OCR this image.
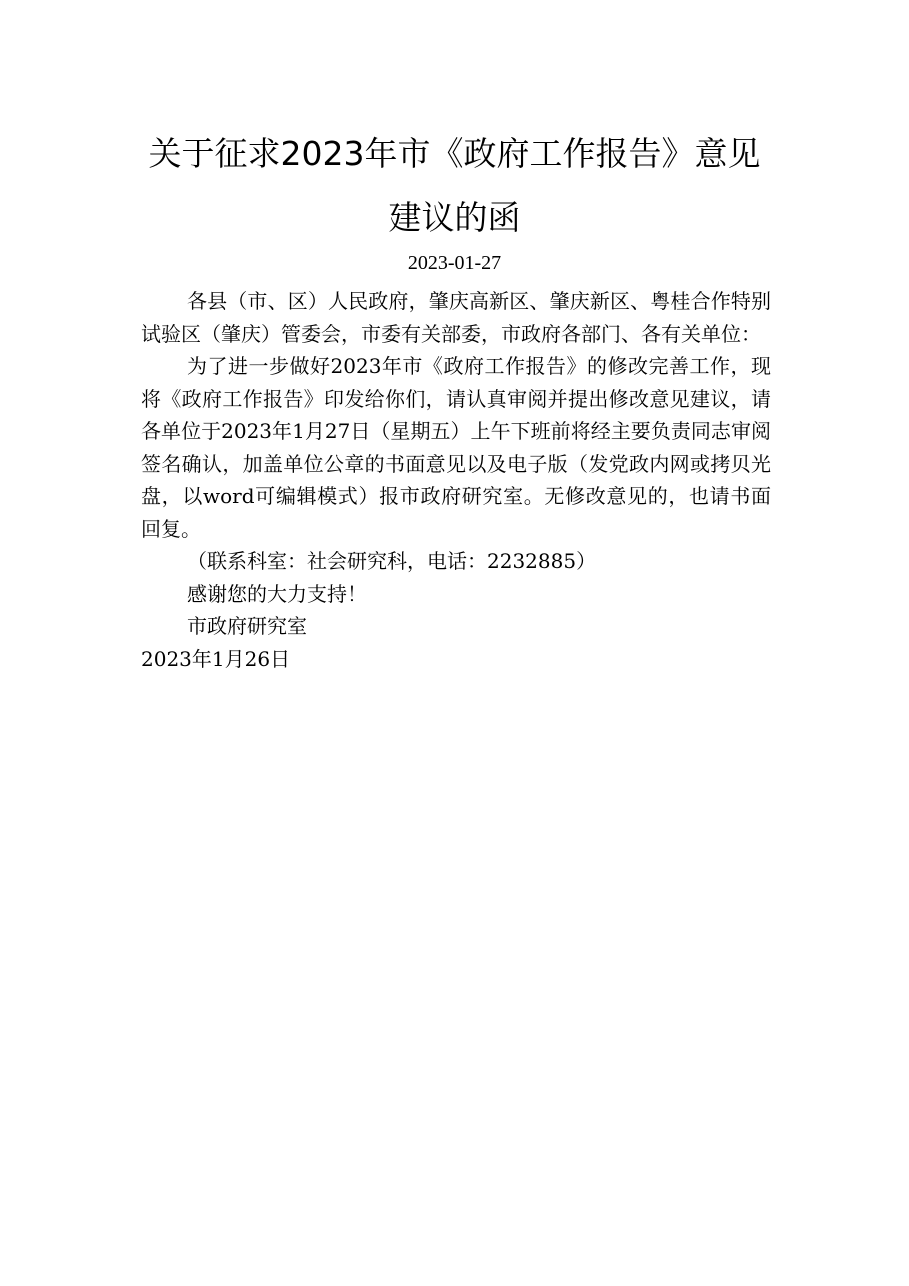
关于征求2023年市《政府工作报告》意见
建议的函
2023-01-27

各县（市、区）人民政府，肇庆高新区、肇庆新区、粤桂合作特别试验区（肇庆）管委会，市委有关部委，市政府各部门、各有关单位：

为了进一步做好2023年市《政府工作报告》的修改完善工作，现将《政府工作报告》印发给你们，请认真审阅并提出修改意见建议，请各单位于2023年1月27日（星期五）上午下班前将经主要负责同志审阅签名确认，加盖单位公章的书面意见以及电子版（发党政内网或拷贝光盘，以word可编辑模式）报市政府研究室。无修改意见的，也请书面回复。

（联系科室：社会研究科，电话：2232885）

感谢您的大力支持！

市政府研究室

2023年1月26日
